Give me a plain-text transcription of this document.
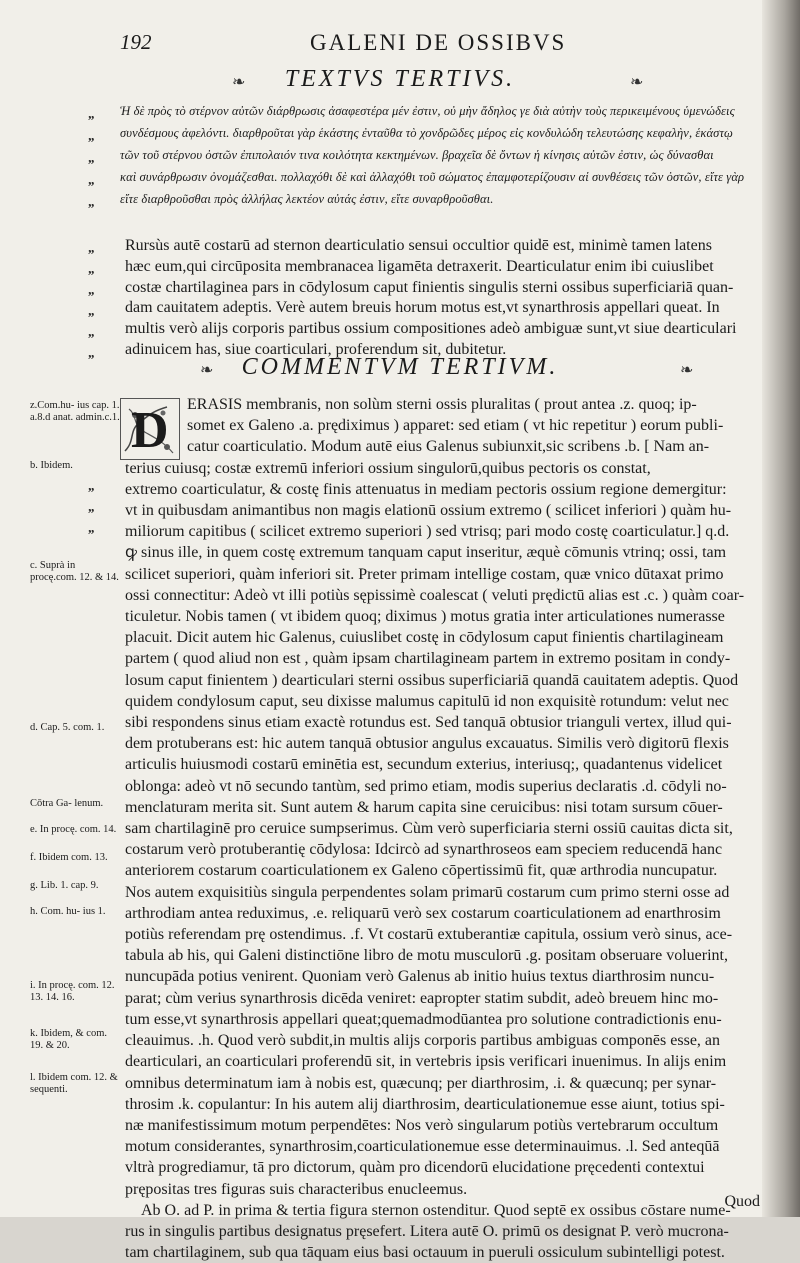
192	GALENI DE OSSIBVS
❧	TEXTVS TERTIVS.	❧
„
„
„
„
„
Ἡ δὲ πρὸς τὸ στέρνον αὐτῶν διάρθρωσις ἀσαφεστέρα μέν ἐστιν, οὐ μὴν ἄδηλος γε διὰ αὐτὴν τοὺς περικειμένους ὑμενώδεις
συνδέσμους ἀφελόντι. διαρθροῦται γὰρ ἑκάστης ἐνταῦθα τὸ χονδρῶδες μέρος εἰς κονδυλώδη τελευτώσης κεφαλὴν, ἑκάστῳ
τῶν τοῦ στέρνου ὀστῶν ἐπιπολαιόν τινα κοιλότητα κεκτημένων. βραχεῖα δὲ ὄντων ἡ κίνησις αὐτῶν ἐστιν, ὡς δύνασθαι
καὶ συνάρθρωσιν ὀνομάζεσθαι. πολλαχόθι δὲ καὶ ἀλλαχόθι τοῦ σώματος ἐπαμφοτερίζουσιν αἱ συνθέσεις τῶν ὀστῶν, εἴτε γὰρ
εἴτε διαρθροῦσθαι πρὸς ἀλλήλας λεκτέον αὐτάς ἐστιν, εἴτε συναρθροῦσθαι.
„
„
„
„
„
„
Rursùs autē costarū ad sternon dearticulatio sensui occultior quidē est, minimè tamen latens
hæc eum,qui circūposita membranacea ligamēta detraxerit. Dearticulatur enim ibi cuiuslibet
costæ chartilaginea pars in cōdylosum caput finientis singulis sterni ossibus superficiariā quan-
dam cauitatem adeptis. Verè autem breuis horum motus est,vt synarthrosis appellari queat. In
multis verò alijs corporis partibus ossium compositiones adeò ambiguæ sunt,vt siue dearticulari
adinuicem has, siue coarticulari, proferendum sit, dubitetur.
❧	COMMENTVM TERTIVM.	❧
D
„
„
„
ERASIS membranis, non solùm sterni ossis pluralitas ( prout antea .z. quoq; ip-
somet ex Galeno .a. prędiximus ) apparet: sed etiam ( vt hic repetitur ) eorum publi-
catur coarticulatio. Modum autē eius Galenus subiunxit,sic scribens .b. [ Nam an-
terius cuiusq; costæ extremū inferiori ossium singulorū,quibus pectoris os constat,
extremo coarticulatur, & costę finis attenuatus in mediam pectoris ossium regione demergitur:
vt in quibusdam animantibus non magis elationū ossium extremo ( scilicet inferiori ) quàm hu-
miliorum capitibus ( scilicet extremo superiori ) sed vtrisq; pari modo costę coarticulatur.] q.d.
ꝙ sinus ille, in quem costę extremum tanquam caput inseritur, æquè cōmunis vtrinq; ossi, tam
scilicet superiori, quàm inferiori sit. Preter primam intellige costam, quæ vnico dūtaxat primo
ossi connectitur: Adeò vt illi potiùs sępissimè coalescat ( veluti prędictū alias est .c. ) quàm coar-
ticuletur. Nobis tamen ( vt ibidem quoq; diximus ) motus gratia inter articulationes numerasse
placuit. Dicit autem hic Galenus, cuiuslibet costę in cōdylosum caput finientis chartilagineam
partem ( quod aliud non est , quàm ipsam chartilagineam partem in extremo positam in condy-
losum caput finientem ) dearticulari sterni ossibus superficiariā quandā cauitatem adeptis. Quod
quidem condylosum caput, seu dixisse malumus capitulū id non exquisitè rotundum: velut nec
sibi respondens sinus etiam exactè rotundus est. Sed tanquā obtusior trianguli vertex, illud qui-
dem protuberans est: hic autem tanquā obtusior angulus excauatus. Similis verò digitorū flexis
articulis huiusmodi costarū eminētia est, secundum exterius, interiusq;, quadantenus videlicet
oblonga: adeò vt nō secundo tantùm, sed primo etiam, modis superius declaratis .d. cōdyli no-
menclaturam merita sit. Sunt autem & harum capita sine ceruicibus: nisi totam sursum cōuer-
sam chartilaginē pro ceruice sumpserimus. Cùm verò superficiaria sterni ossiū cauitas dicta sit,
costarum verò protuberantię cōdylosa: Idcircò ad synarthroseos eam speciem reducendā hanc
anteriorem costarum coarticulationem ex Galeno cōpertissimū fit, quæ arthrodia nuncupatur.
Nos autem exquisitiùs singula perpendentes solam primarū costarum cum primo sterni osse ad
arthrodiam antea reduximus, .e. reliquarū verò sex costarum coarticulationem ad enarthrosim
potiùs referendam prę ostendimus. .f. Vt costarū extuberantiæ capitula, ossium verò sinus, ace-
tabula ab his, qui Galeni distinctiōne libro de motu musculorū .g. positam obseruare voluerint,
nuncupāda potius venirent. Quoniam verò Galenus ab initio huius textus diarthrosim nuncu-
parat; cùm verius synarthrosis dicēda veniret: eapropter statim subdit, adeò breuem hinc mo-
tum esse,vt synarthrosis appellari queat;quemadmodūantea pro solutione contradictionis enu-
cleauimus. .h. Quod verò subdit,in multis alijs corporis partibus ambiguas componēs esse, an
dearticulari, an coarticulari proferendū sit, in vertebris ipsis verificari inuenimus. In alijs enim
omnibus determinatum iam à nobis est, quæcunq; per diarthrosim, .i. & quæcunq; per synar-
throsim .k. copulantur: In his autem alij diarthrosim, dearticulationemue esse aiunt, totius spi-
næ manifestissimum motum perpendētes: Nos verò singularum potiùs vertebrarum occultum
motum considerantes, synarthrosim,coarticulationemue esse determinauimus. .l. Sed anteqūā
vltrà progrediamur, tā pro dictorum, quàm pro dicendorū elucidatione pręcedenti contextui
prępositas tres figuras suis characteribus enucleemus.
Ab O. ad P. in prima & tertia figura sternon ostenditur. Quod septē ex ossibus cōstare nume-
rus in singulis partibus designatus pręsefert. Litera autē O. primū os designat P. verò mucrona-
tam chartilaginem, sub qua tāquam eius basi octauum in pueruli ossiculum subintelligi potest.
z.Com.hu- ius cap. 1. a.8.d anat. admin.c.1.
b. Ibidem.
c. Suprà in procę.com. 12. & 14.
d. Cap. 5. com. 1.
Cōtra Ga- lenum.
e. In procę. com. 14.
f. Ibidem com. 13.
g. Lib. 1. cap. 9.
h. Com. hu- ius 1.
i. In procę. com. 12. 13. 14. 16.
k. Ibidem, & com. 19. & 20.
l. Ibidem com. 12. & sequenti.
Quod
